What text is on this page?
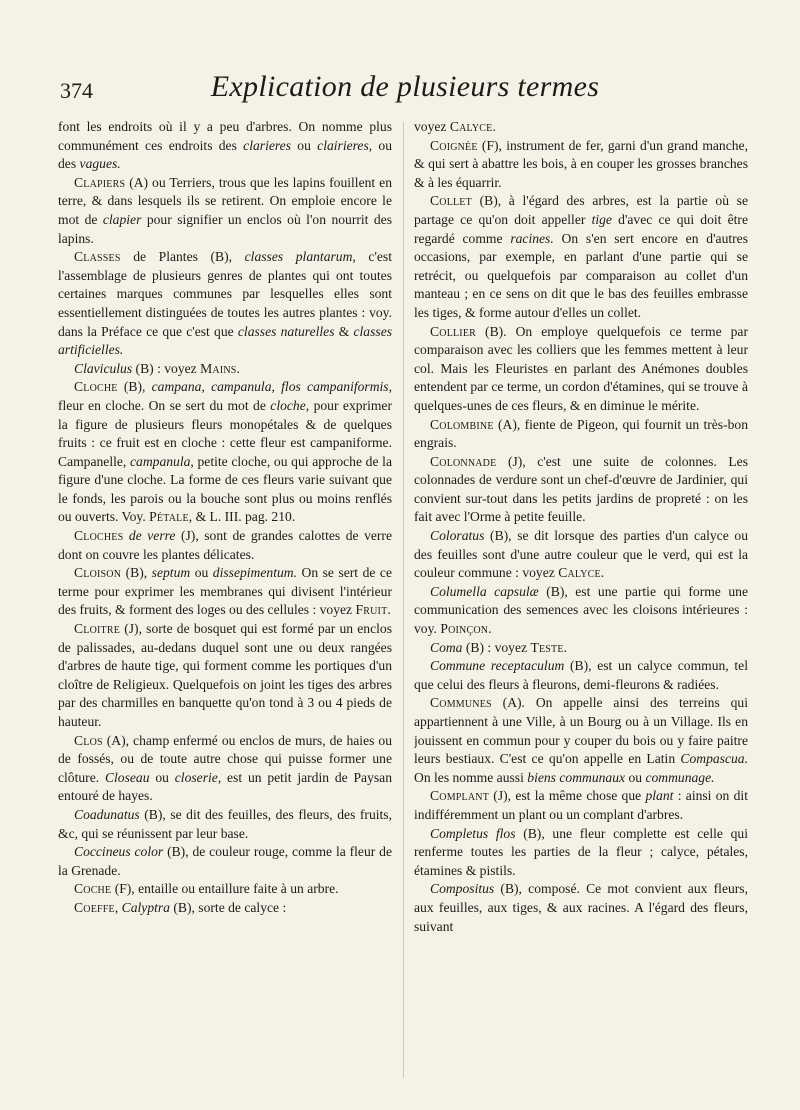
374	Explication de plusieurs termes

font les endroits où il y a peu d'arbres. On nomme plus communément ces endroits des clarieres ou clairieres, ou des vagues.

Clapiers (A) ou Terriers, trous que les lapins fouillent en terre, & dans lesquels ils se retirent. On emploie encore le mot de clapier pour signifier un enclos où l'on nourrit des lapins.

Classes de Plantes (B), classes plantarum, c'est l'assemblage de plusieurs genres de plantes qui ont toutes certaines marques communes par lesquelles elles sont essentiellement distinguées de toutes les autres plantes : voy. dans la Préface ce que c'est que classes naturelles & classes artificielles.

Claviculus (B) : voyez Mains.

Cloche (B), campana, campanula, flos campaniformis, fleur en cloche. On se sert du mot de cloche, pour exprimer la figure de plusieurs fleurs monopétales & de quelques fruits : ce fruit est en cloche : cette fleur est campaniforme. Campanelle, campanula, petite cloche, ou qui approche de la figure d'une cloche. La forme de ces fleurs varie suivant que le fonds, les parois ou la bouche sont plus ou moins renflés ou ouverts. Voy. Pétale, & L. III. pag. 210.

Cloches de verre (J), sont de grandes calottes de verre dont on couvre les plantes délicates.

Cloison (B), septum ou dissepimentum. On se sert de ce terme pour exprimer les membranes qui divisent l'intérieur des fruits, & forment des loges ou des cellules : voyez Fruit.

Cloitre (J), sorte de bosquet qui est formé par un enclos de palissades, au-dedans duquel sont une ou deux rangées d'arbres de haute tige, qui forment comme les portiques d'un cloître de Religieux. Quelquefois on joint les tiges des arbres par des charmilles en banquette qu'on tond à 3 ou 4 pieds de hauteur.

Clos (A), champ enfermé ou enclos de murs, de haies ou de fossés, ou de toute autre chose qui puisse former une clôture. Closeau ou closerie, est un petit jardin de Paysan entouré de hayes.

Coadunatus (B), se dit des feuilles, des fleurs, des fruits, &c, qui se réunissent par leur base.

Coccineus color (B), de couleur rouge, comme la fleur de la Grenade.

Coche (F), entaille ou entaillure faite à un arbre.

Coeffe, Calyptra (B), sorte de calyce :

voyez Calyce.

Coignée (F), instrument de fer, garni d'un grand manche, & qui sert à abattre les bois, à en couper les grosses branches & à les équarrir.

Collet (B), à l'égard des arbres, est la partie où se partage ce qu'on doit appeller tige d'avec ce qui doit être regardé comme racines. On s'en sert encore en d'autres occasions, par exemple, en parlant d'une partie qui se retrécit, ou quelquefois par comparaison au collet d'un manteau ; en ce sens on dit que le bas des feuilles embrasse les tiges, & forme autour d'elles un collet.

Collier (B). On employe quelquefois ce terme par comparaison avec les colliers que les femmes mettent à leur col. Mais les Fleuristes en parlant des Anémones doubles entendent par ce terme, un cordon d'étamines, qui se trouve à quelques-unes de ces fleurs, & en diminue le mérite.

Colombine (A), fiente de Pigeon, qui fournit un très-bon engrais.

Colonnade (J), c'est une suite de colonnes. Les colonnades de verdure sont un chef-d'œuvre de Jardinier, qui convient sur-tout dans les petits jardins de propreté : on les fait avec l'Orme à petite feuille.

Coloratus (B), se dit lorsque des parties d'un calyce ou des feuilles sont d'une autre couleur que le verd, qui est la couleur commune : voyez Calyce.

Columella capsulæ (B), est une partie qui forme une communication des semences avec les cloisons intérieures : voy. Poinçon.

Coma (B) : voyez Teste.

Commune receptaculum (B), est un calyce commun, tel que celui des fleurs à fleurons, demi-fleurons & radiées.

Communes (A). On appelle ainsi des terreins qui appartiennent à une Ville, à un Bourg ou à un Village. Ils en jouissent en commun pour y couper du bois ou y faire paitre leurs bestiaux. C'est ce qu'on appelle en Latin Compascua. On les nomme aussi biens communaux ou communage.

Complant (J), est la même chose que plant : ainsi on dit indifféremment un plant ou un complant d'arbres.

Completus flos (B), une fleur complette est celle qui renferme toutes les parties de la fleur ; calyce, pétales, étamines & pistils.

Compositus (B), composé. Ce mot convient aux fleurs, aux feuilles, aux tiges, & aux racines. A l'égard des fleurs, suivant
